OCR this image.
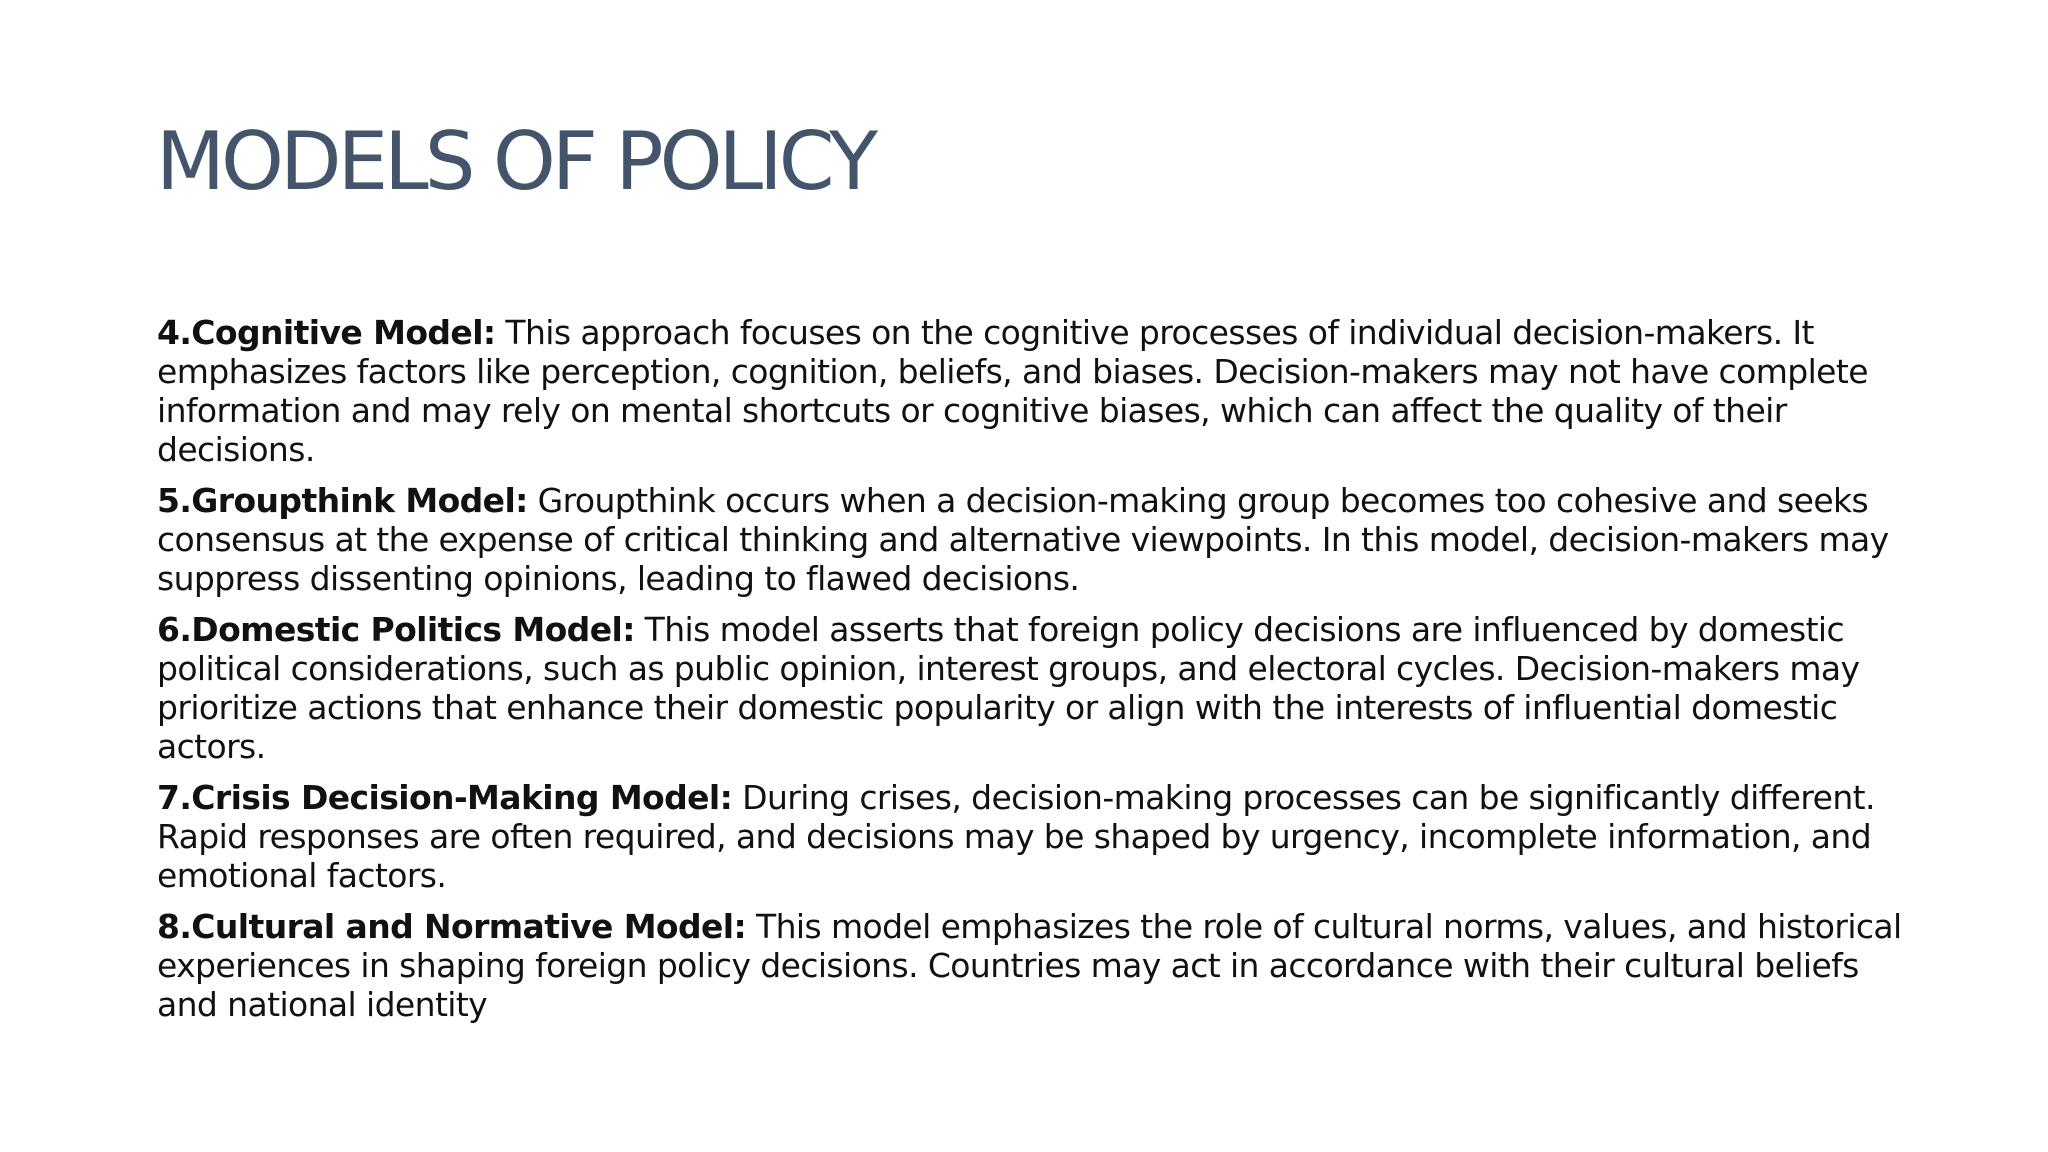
MODELS OF POLICY

4.Cognitive Model: This approach focuses on the cognitive processes of individual decision-makers. It emphasizes factors like perception, cognition, beliefs, and biases. Decision-makers may not have complete information and may rely on mental shortcuts or cognitive biases, which can affect the quality of their decisions.

5.Groupthink Model: Groupthink occurs when a decision-making group becomes too cohesive and seeks consensus at the expense of critical thinking and alternative viewpoints. In this model, decision-makers may suppress dissenting opinions, leading to flawed decisions.

6.Domestic Politics Model: This model asserts that foreign policy decisions are influenced by domestic political considerations, such as public opinion, interest groups, and electoral cycles. Decision-makers may prioritize actions that enhance their domestic popularity or align with the interests of influential domestic actors.

7.Crisis Decision-Making Model: During crises, decision-making processes can be significantly different. Rapid responses are often required, and decisions may be shaped by urgency, incomplete information, and emotional factors.

8.Cultural and Normative Model: This model emphasizes the role of cultural norms, values, and historical experiences in shaping foreign policy decisions. Countries may act in accordance with their cultural beliefs and national identity
